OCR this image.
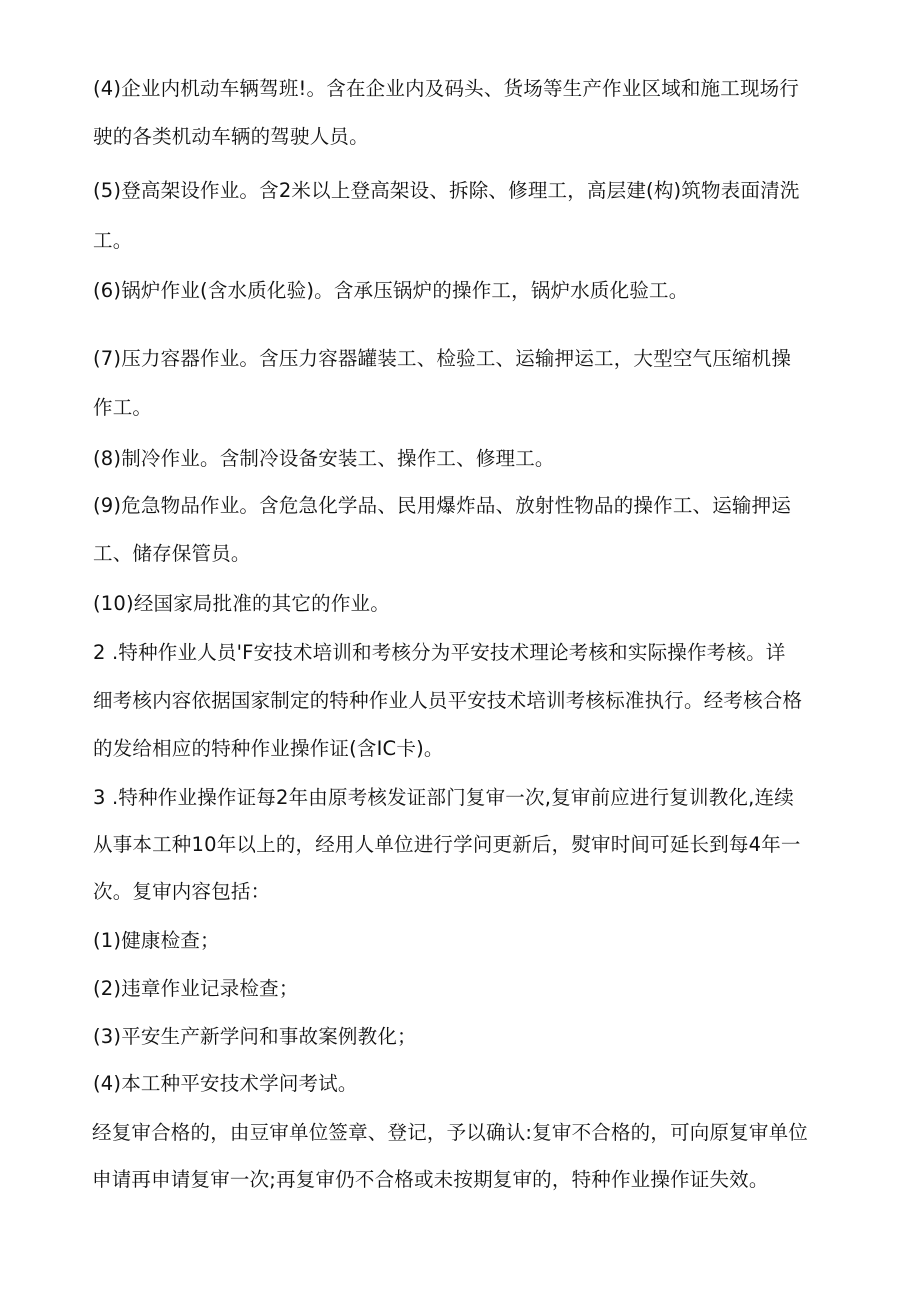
(4)企业内机动车辆驾班!。含在企业内及码头、货场等生产作业区域和施工现场行
驶的各类机动车辆的驾驶人员。
(5)登高架设作业。含2米以上登高架设、拆除、修理工，高层建(构)筑物表面清洗
工。
(6)锅炉作业(含水质化验)。含承压锅炉的操作工，锅炉水质化验工。
(7)压力容器作业。含压力容器罐装工、检验工、运输押运工，大型空气压缩机操
作工。
(8)制冷作业。含制冷设备安装工、操作工、修理工。
(9)危急物品作业。含危急化学品、民用爆炸品、放射性物品的操作工、运输押运
工、储存保管员。
(10)经国家局批准的其它的作业。
2 .特种作业人员'F安技术培训和考核分为平安技术理论考核和实际操作考核。详
细考核内容依据国家制定的特种作业人员平安技术培训考核标准执行。经考核合格
的发给相应的特种作业操作证(含IC卡)。
3 .特种作业操作证每2年由原考核发证部门复审一次,复审前应进行复训教化,连续
从事本工种10年以上的，经用人单位进行学问更新后，熨审时间可延长到每4年一
次。复审内容包括：
(1)健康检查；
(2)违章作业记录检查；
(3)平安生产新学问和事故案例教化；
(4)本工种平安技术学问考试。
经复审合格的，由豆审单位签章、登记，予以确认:复审不合格的，可向原复审单位
申请再申请复审一次;再复审仍不合格或未按期复审的，特种作业操作证失效。
